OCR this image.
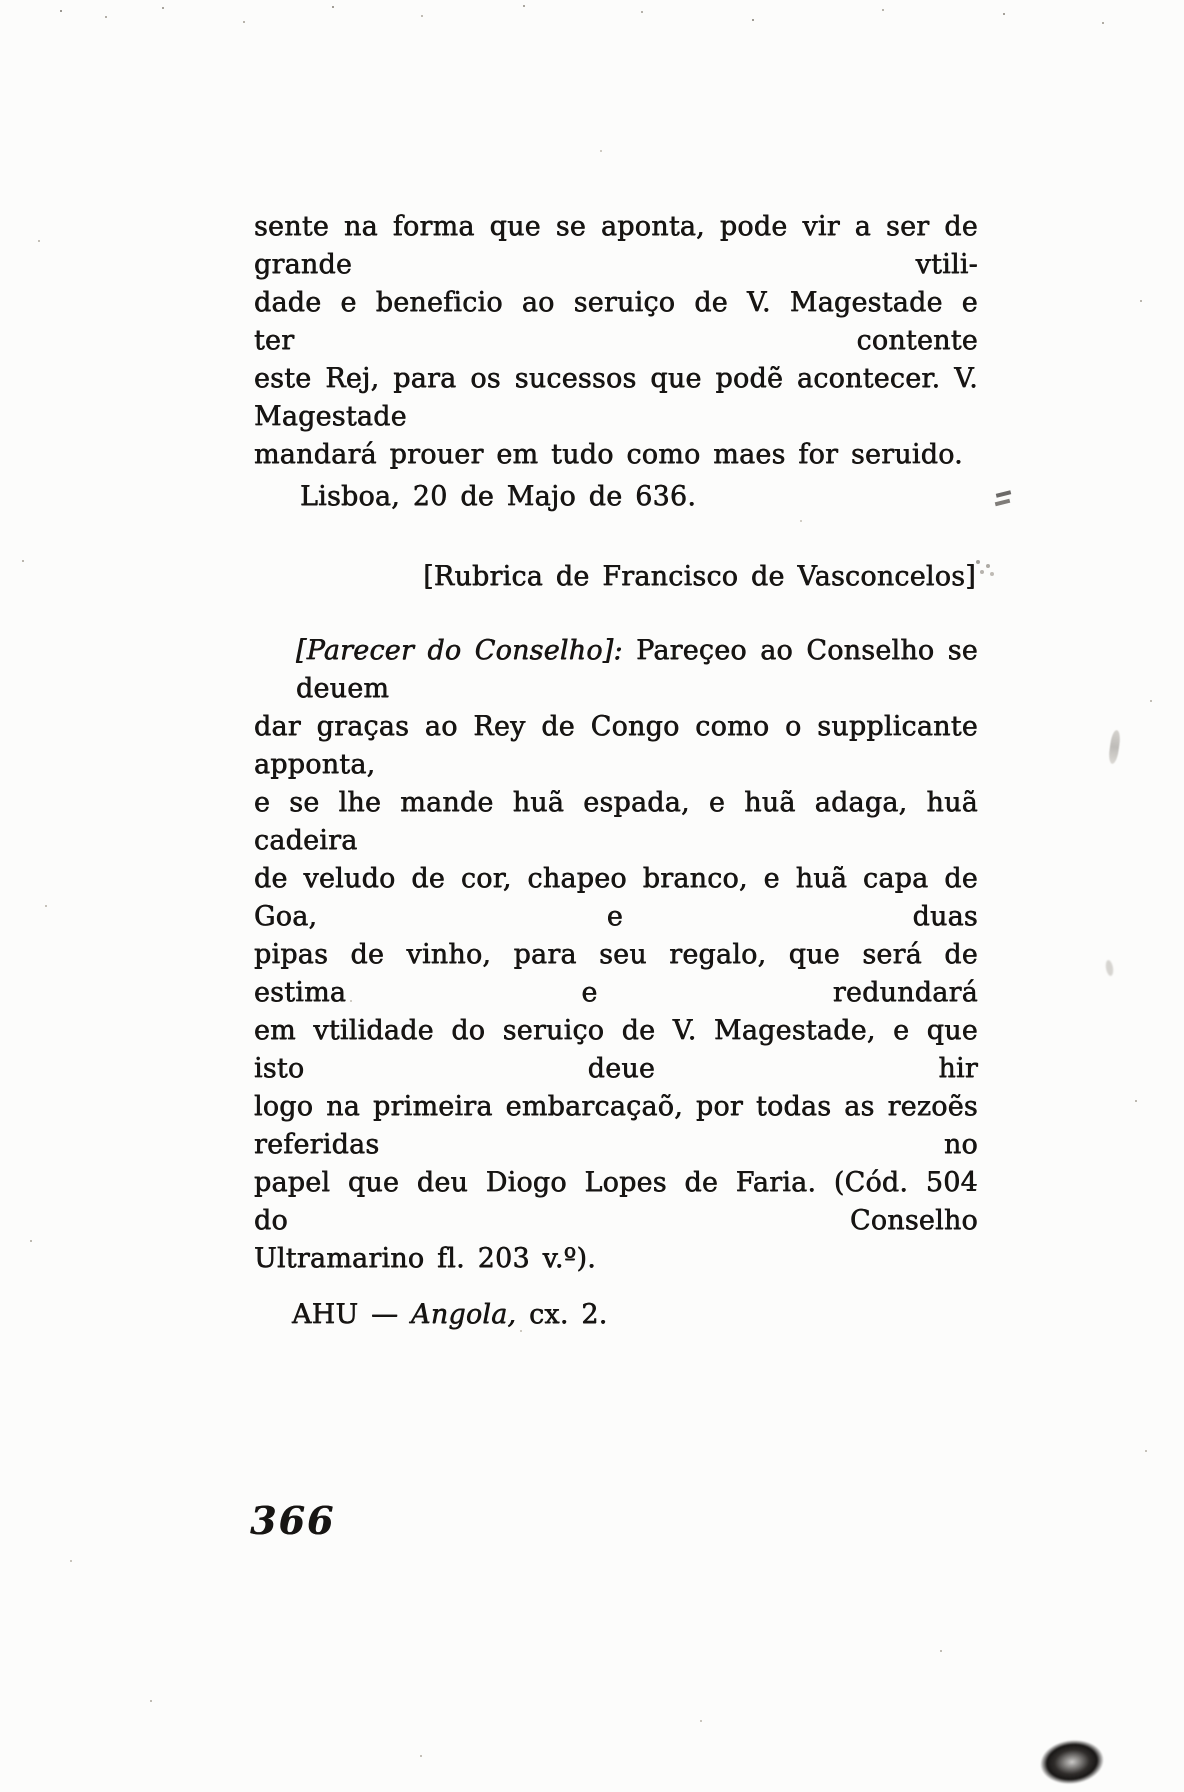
sente na forma que se aponta, pode vir a ser de grande vtili-
dade e beneficio ao seruiço de V. Magestade e ter contente
este Rej, para os sucessos que podẽ acontecer. V. Magestade
mandará prouer em tudo como maes for seruido.
Lisboa, 20 de Majo de 636.
[Rubrica de Francisco de Vasconcelos]
[Parecer do Conselho]: Pareçeo ao Conselho se deuem
dar graças ao Rey de Congo como o supplicante apponta,
e se lhe mande huã espada, e huã adaga, huã cadeira
de veludo de cor, chapeo branco, e huã capa de Goa, e duas
pipas de vinho, para seu regalo, que será de estima e redundará
em vtilidade do seruiço de V. Magestade, e que isto deue hir
logo na primeira embarcaçaõ, por todas as rezoẽs referidas no
papel que deu Diogo Lopes de Faria. (Cód. 504 do Conselho
Ultramarino fl. 203 v.º).
AHU — Angola, cx. 2.
366
